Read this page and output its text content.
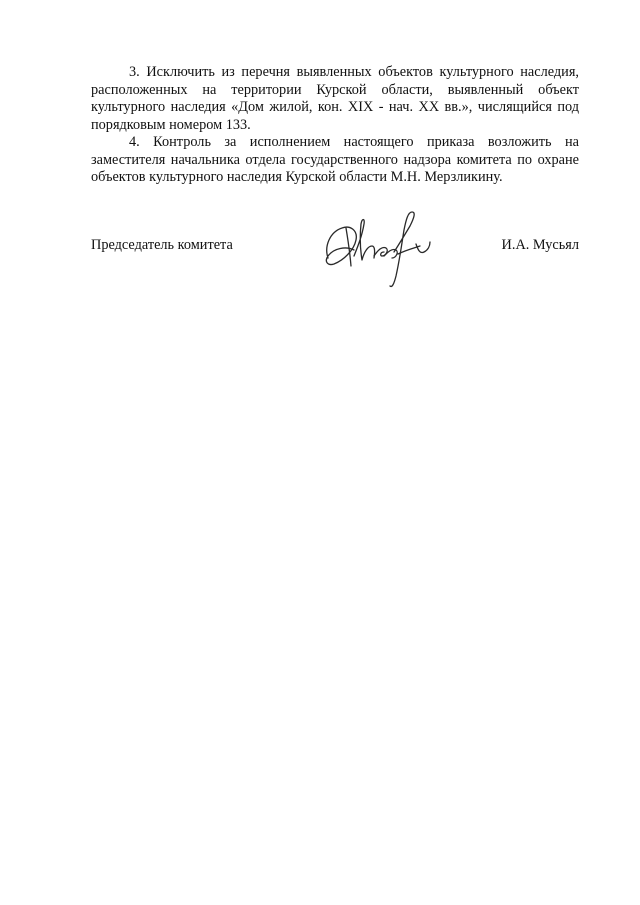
3. Исключить из перечня выявленных объектов культурного наследия, расположенных на территории Курской области, выявленный объект культурного наследия «Дом жилой, кон. XIX - нач. XX вв.», числящийся под порядковым номером 133.

4. Контроль за исполнением настоящего приказа возложить на заместителя начальника отдела государственного надзора комитета по охране объектов культурного наследия Курской области М.Н. Мерзликину.

Председатель комитета	И.А. Мусьял
